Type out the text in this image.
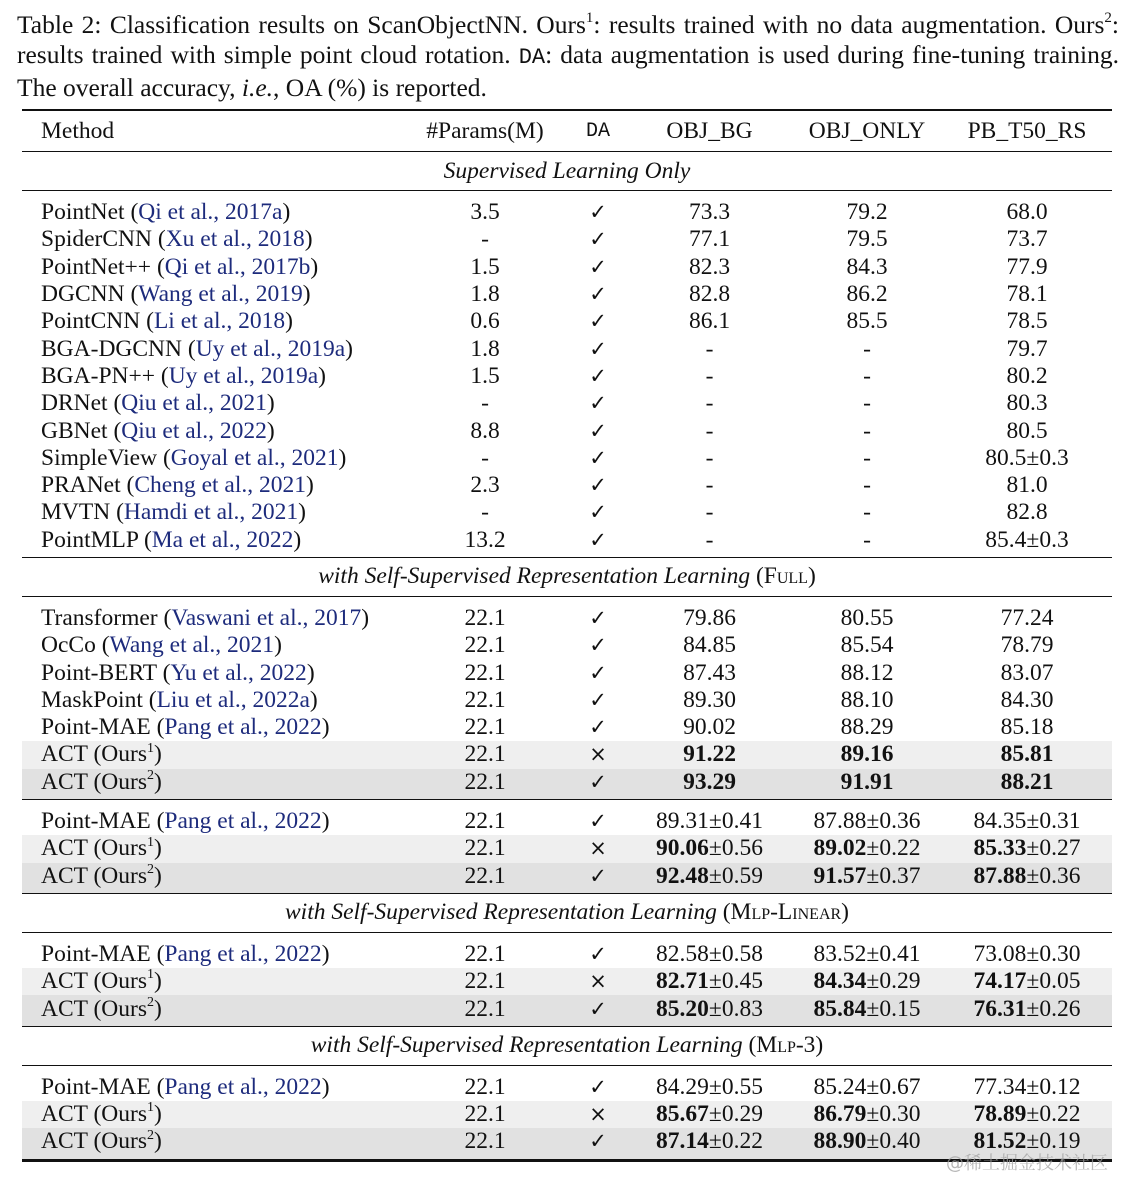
Table 2: Classification results on ScanObjectNN. Ours$^1$: results trained with no data augmentation. Ours$^2$: results trained with simple point cloud rotation. DA: data augmentation is used during fine-tuning training. The overall accuracy, i.e., OA (%) is reported.
Method	#Params(M)	DA	OBJ_BG	OBJ_ONLY	PB_T50_RS
Supervised Learning Only					
PointNet (Qi et al., 2017a)	3.5	✓	73.3	79.2	68.0
SpiderCNN (Xu et al., 2018)	-	✓	77.1	79.5	73.7
PointNet++ (Qi et al., 2017b)	1.5	✓	82.3	84.3	77.9
DGCNN (Wang et al., 2019)	1.8	✓	82.8	86.2	78.1
PointCNN (Li et al., 2018)	0.6	✓	86.1	85.5	78.5
BGA-DGCNN (Uy et al., 2019a)	1.8	✓	-	-	79.7
BGA-PN++ (Uy et al., 2019a)	1.5	✓	-	-	80.2
DRNet (Qiu et al., 2021)	-	✓	-	-	80.3
GBNet (Qiu et al., 2022)	8.8	✓	-	-	80.5
SimpleView (Goyal et al., 2021)	-	✓	-	-	80.5±0.3
PRANet (Cheng et al., 2021)	2.3	✓	-	-	81.0
MVTN (Hamdi et al., 2021)	-	✓	-	-	82.8
PointMLP (Ma et al., 2022)	13.2	✓	-	-	85.4±0.3
with Self-Supervised Representation Learning (Full)					
Transformer (Vaswani et al., 2017)	22.1	✓	79.86	80.55	77.24
OcCo (Wang et al., 2021)	22.1	✓	84.85	85.54	78.79
Point-BERT (Yu et al., 2022)	22.1	✓	87.43	88.12	83.07
MaskPoint (Liu et al., 2022a)	22.1	✓	89.30	88.10	84.30
Point-MAE (Pang et al., 2022)	22.1	✓	90.02	88.29	85.18
ACT (Ours$^1$)	22.1	×	91.22	89.16	85.81
ACT (Ours$^2$)	22.1	✓	93.29	91.91	88.21
Point-MAE (Pang et al., 2022)	22.1	✓	89.31±0.41	87.88±0.36	84.35±0.31
ACT (Ours$^1$)	22.1	×	90.06±0.56	89.02±0.22	85.33±0.27
ACT (Ours$^2$)	22.1	✓	92.48±0.59	91.57±0.37	87.88±0.36
with Self-Supervised Representation Learning (Mlp-Linear)					
Point-MAE (Pang et al., 2022)	22.1	✓	82.58±0.58	83.52±0.41	73.08±0.30
ACT (Ours$^1$)	22.1	×	82.71±0.45	84.34±0.29	74.17±0.05
ACT (Ours$^2$)	22.1	✓	85.20±0.83	85.84±0.15	76.31±0.26
with Self-Supervised Representation Learning (Mlp-3)					
Point-MAE (Pang et al., 2022)	22.1	✓	84.29±0.55	85.24±0.67	77.34±0.12
ACT (Ours$^1$)	22.1	×	85.67±0.29	86.79±0.30	78.89±0.22
ACT (Ours$^2$)	22.1	✓	87.14±0.22	88.90±0.40	81.52±0.19
@稀土掘金技术社区
